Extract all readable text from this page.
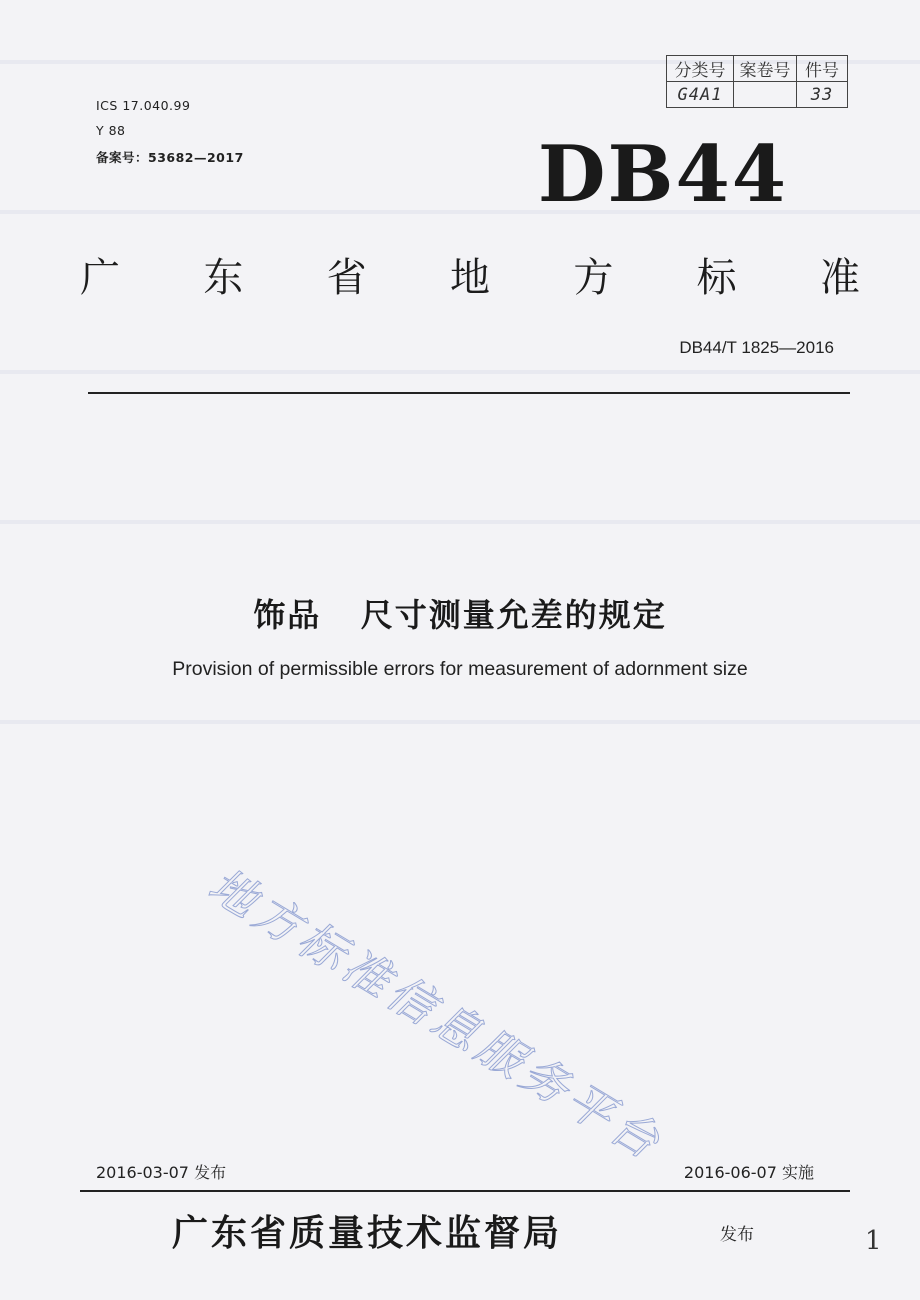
分类号	案卷号	件号
G4A1		33
ICS 17.040.99
Y 88
备案号：53682—2017	DB44
广 东 省 地 方 标 准
DB44/T 1825—2016
饰品   尺寸测量允差的规定
Provision of permissible errors for measurement of adornment size
地方标准信息服务平台
2016-03-07 发布	2016-06-07 实施
广东省质量技术监督局	发布	1
